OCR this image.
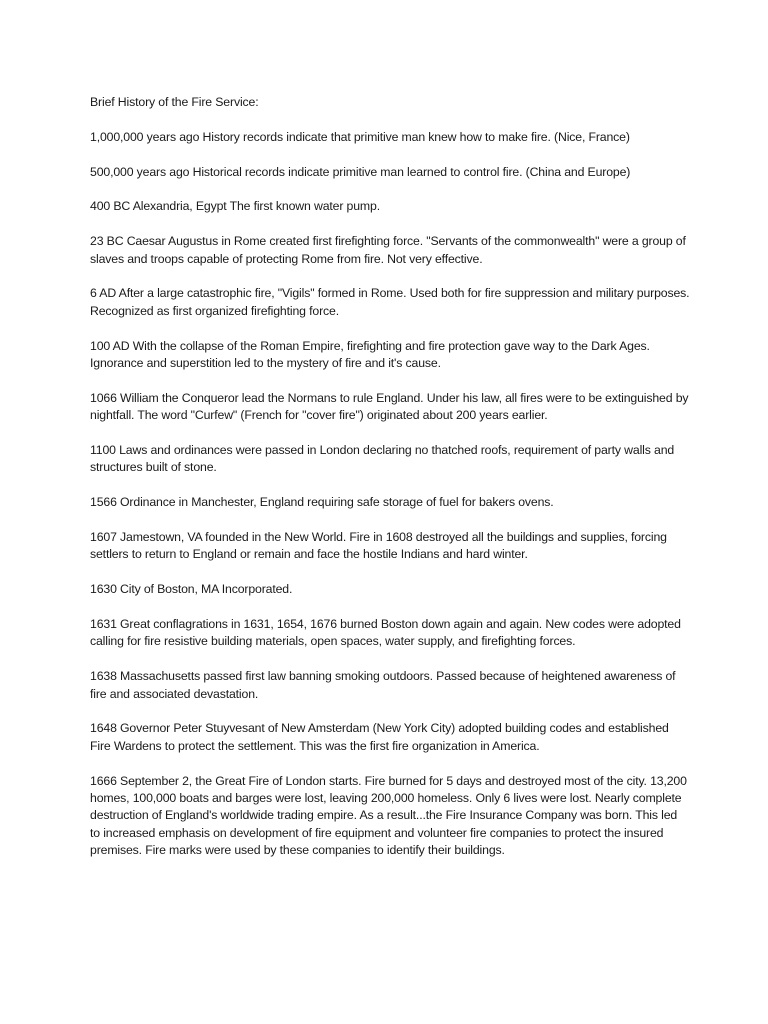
Brief History of the Fire Service:

1,000,000 years ago History records indicate that primitive man knew how to make fire. (Nice, France)

500,000 years ago Historical records indicate primitive man learned to control fire. (China and Europe)

400 BC Alexandria, Egypt The first known water pump.

23 BC Caesar Augustus in Rome created first firefighting force. "Servants of the commonwealth" were a group of slaves and troops capable of protecting Rome from fire. Not very effective.

6 AD After a large catastrophic fire, "Vigils" formed in Rome. Used both for fire suppression and military purposes. Recognized as first organized firefighting force.

100 AD With the collapse of the Roman Empire, firefighting and fire protection gave way to the Dark Ages. Ignorance and superstition led to the mystery of fire and it's cause.

1066 William the Conqueror lead the Normans to rule England. Under his law, all fires were to be extinguished by nightfall. The word "Curfew" (French for "cover fire") originated about 200 years earlier.

1100 Laws and ordinances were passed in London declaring no thatched roofs, requirement of party walls and structures built of stone.

1566 Ordinance in Manchester, England requiring safe storage of fuel for bakers ovens.

1607 Jamestown, VA founded in the New World. Fire in 1608 destroyed all the buildings and supplies, forcing settlers to return to England or remain and face the hostile Indians and hard winter.

1630 City of Boston, MA Incorporated.

1631 Great conflagrations in 1631, 1654, 1676 burned Boston down again and again. New codes were adopted calling for fire resistive building materials, open spaces, water supply, and firefighting forces.

1638 Massachusetts passed first law banning smoking outdoors. Passed because of heightened awareness of fire and associated devastation.

1648 Governor Peter Stuyvesant of New Amsterdam (New York City) adopted building codes and established Fire Wardens to protect the settlement. This was the first fire organization in America.

1666 September 2, the Great Fire of London starts. Fire burned for 5 days and destroyed most of the city. 13,200 homes, 100,000 boats and barges were lost, leaving 200,000 homeless. Only 6 lives were lost. Nearly complete destruction of England's worldwide trading empire. As a result...the Fire Insurance Company was born. This led to increased emphasis on development of fire equipment and volunteer fire companies to protect the insured premises. Fire marks were used by these companies to identify their buildings.
